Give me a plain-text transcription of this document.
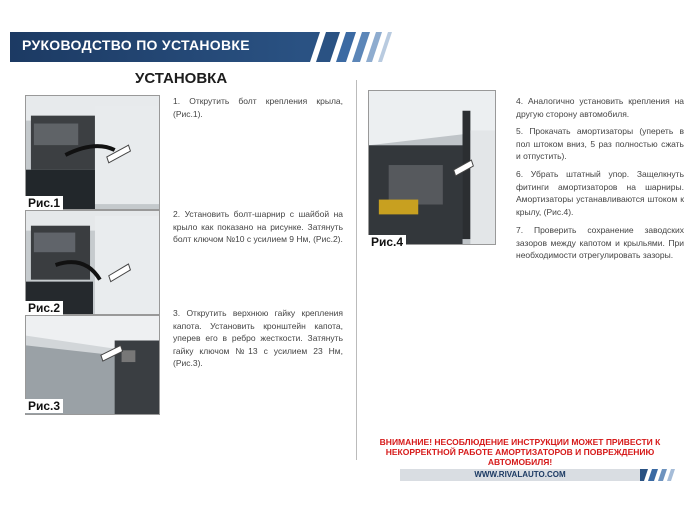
РУКОВОДСТВО ПО УСТАНОВКЕ
УСТАНОВКА
Рис.1
Рис.2
Рис.3
Рис.4
1. Открутить болт крепления крыла, (Рис.1).
2. Установить болт-шарнир с шайбой на крыло как показано на рисунке. Затянуть болт ключом №10 с усилием 9 Нм, (Рис.2).
3. Открутить верхнюю гайку крепления капота. Установить кронштейн капота, уперев его в ребро жесткости. Затянуть гайку ключом №13 с усилием 23 Нм, (Рис.3).
4. Аналогично установить крепления на другую сторону автомобиля.
5. Прокачать амортизаторы (упереть в пол штоком вниз, 5 раз полностью сжать и отпустить).
6. Убрать штатный упор. Защелкнуть фитинги амортизаторов на шарниры. Амортизаторы устанавливаются штоком к крылу, (Рис.4).
7. Проверить сохранение заводских зазоров между капотом и крыльями. При необходимости отрегулировать зазоры.
ВНИМАНИЕ! НЕСОБЛЮДЕНИЕ ИНСТРУКЦИИ МОЖЕТ ПРИВЕСТИ К НЕКОРРЕКТНОЙ РАБОТЕ АМОРТИЗАТОРОВ И ПОВРЕЖДЕНИЮ АВТОМОБИЛЯ!
WWW.RIVALAUTO.COM
